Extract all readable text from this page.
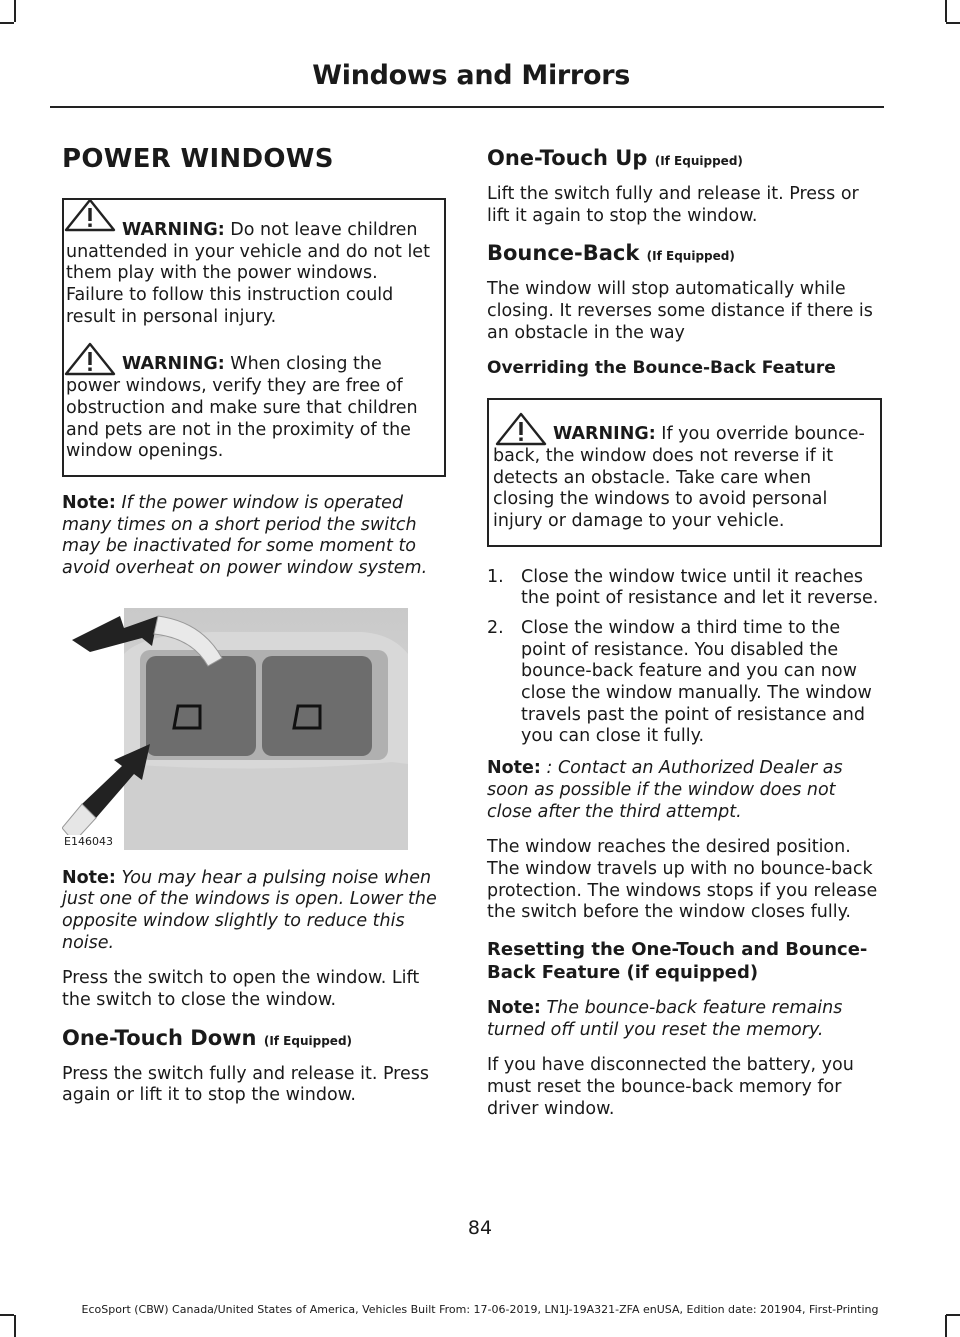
Windows and Mirrors
POWER WINDOWS

WARNING: Do not leave children unattended in your vehicle and do not let them play with the power windows. Failure to follow this instruction could result in personal injury.

WARNING: When closing the power windows, verify they are free of obstruction and make sure that children and pets are not in the proximity of the window openings.

Note: If the power window is operated many times on a short period the switch may be inactivated for some moment to avoid overheat on power window system.

E146043

Note: You may hear a pulsing noise when just one of the windows is open. Lower the opposite window slightly to reduce this noise.

Press the switch to open the window. Lift the switch to close the window.

One-Touch Down (If Equipped)

Press the switch fully and release it. Press again or lift it to stop the window.

One-Touch Up (If Equipped)

Lift the switch fully and release it. Press or lift it again to stop the window.

Bounce-Back (If Equipped)

The window will stop automatically while closing. It reverses some distance if there is an obstacle in the way

Overriding the Bounce-Back Feature

WARNING: If you override bounce-back, the window does not reverse if it detects an obstacle. Take care when closing the windows to avoid personal injury or damage to your vehicle.

1. Close the window twice until it reaches the point of resistance and let it reverse.
2. Close the window a third time to the point of resistance. You disabled the bounce-back feature and you can now close the window manually. The window travels past the point of resistance and you can close it fully.

Note: : Contact an Authorized Dealer as soon as possible if the window does not close after the third attempt.

The window reaches the desired position. The window travels up with no bounce-back protection. The windows stops if you release the switch before the window closes fully.

Resetting the One-Touch and Bounce-Back Feature (if equipped)

Note: The bounce-back feature remains turned off until you reset the memory.

If you have disconnected the battery, you must reset the bounce-back memory for driver window.

84
EcoSport (CBW) Canada/United States of America, Vehicles Built From: 17-06-2019, LN1J-19A321-ZFA enUSA, Edition date: 201904, First-Printing
